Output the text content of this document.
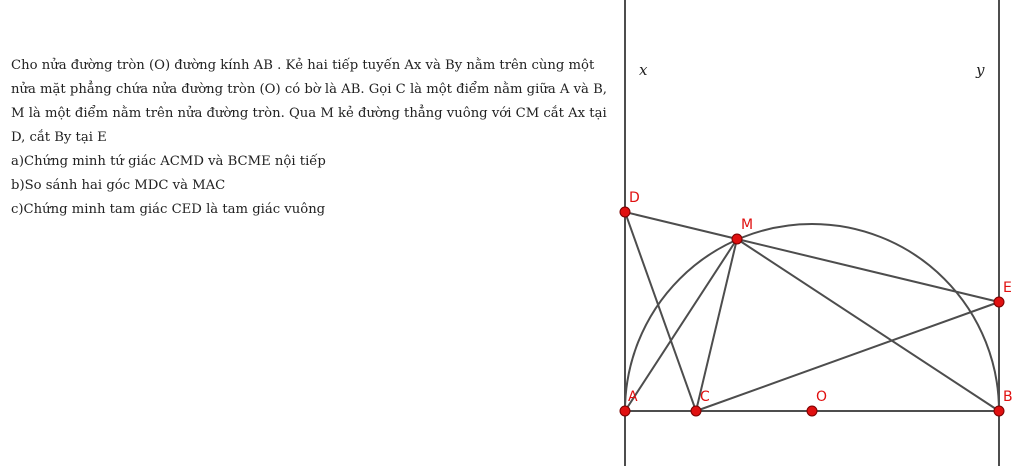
Cho nửa đường tròn (O) đường kính AB . Kẻ hai tiếp tuyến Ax và By nằm trên cùng một nửa mặt phẳng chứa nửa đường tròn (O) có bờ là AB. Gọi C là một điểm nằm giữa A và B, M là một điểm nằm trên nửa đường tròn. Qua M kẻ đường thẳng vuông với CM cắt Ax tại D, cắt By tại E

a)Chứng minh tứ giác ACMD và BCME nội tiếp

b)So sánh hai góc MDC và MAC

c)Chứng minh tam giác CED là tam giác vuông

x	y
D
M
E
A	C	O	B
